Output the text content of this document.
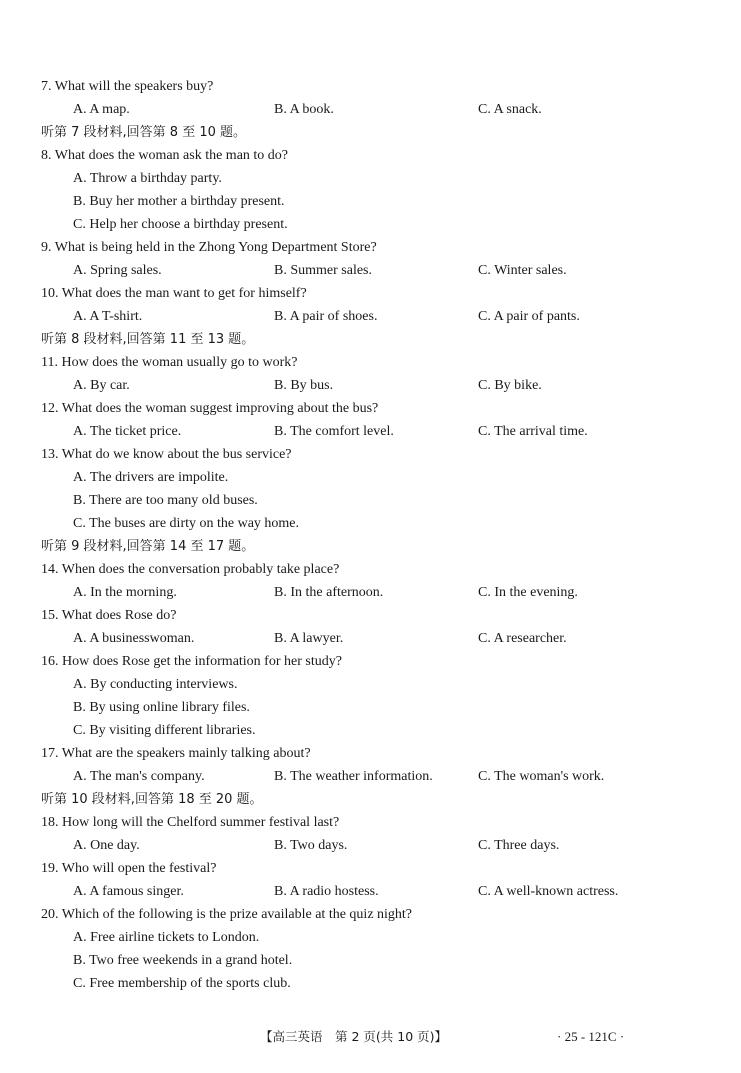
7. What will the speakers buy?
A. A map.	B. A book.	C. A snack.
听第 7 段材料,回答第 8 至 10 题。
8. What does the woman ask the man to do?
A. Throw a birthday party.
B. Buy her mother a birthday present.
C. Help her choose a birthday present.
9. What is being held in the Zhong Yong Department Store?
A. Spring sales.	B. Summer sales.	C. Winter sales.
10. What does the man want to get for himself?
A. A T-shirt.	B. A pair of shoes.	C. A pair of pants.
听第 8 段材料,回答第 11 至 13 题。
11. How does the woman usually go to work?
A. By car.	B. By bus.	C. By bike.
12. What does the woman suggest improving about the bus?
A. The ticket price.	B. The comfort level.	C. The arrival time.
13. What do we know about the bus service?
A. The drivers are impolite.
B. There are too many old buses.
C. The buses are dirty on the way home.
听第 9 段材料,回答第 14 至 17 题。
14. When does the conversation probably take place?
A. In the morning.	B. In the afternoon.	C. In the evening.
15. What does Rose do?
A. A businesswoman.	B. A lawyer.	C. A researcher.
16. How does Rose get the information for her study?
A. By conducting interviews.
B. By using online library files.
C. By visiting different libraries.
17. What are the speakers mainly talking about?
A. The man's company.	B. The weather information.	C. The woman's work.
听第 10 段材料,回答第 18 至 20 题。
18. How long will the Chelford summer festival last?
A. One day.	B. Two days.	C. Three days.
19. Who will open the festival?
A. A famous singer.	B. A radio hostess.	C. A well-known actress.
20. Which of the following is the prize available at the quiz night?
A. Free airline tickets to London.
B. Two free weekends in a grand hotel.
C. Free membership of the sports club.
【高三英语　第 2 页(共 10 页)】	· 25 - 121C ·
